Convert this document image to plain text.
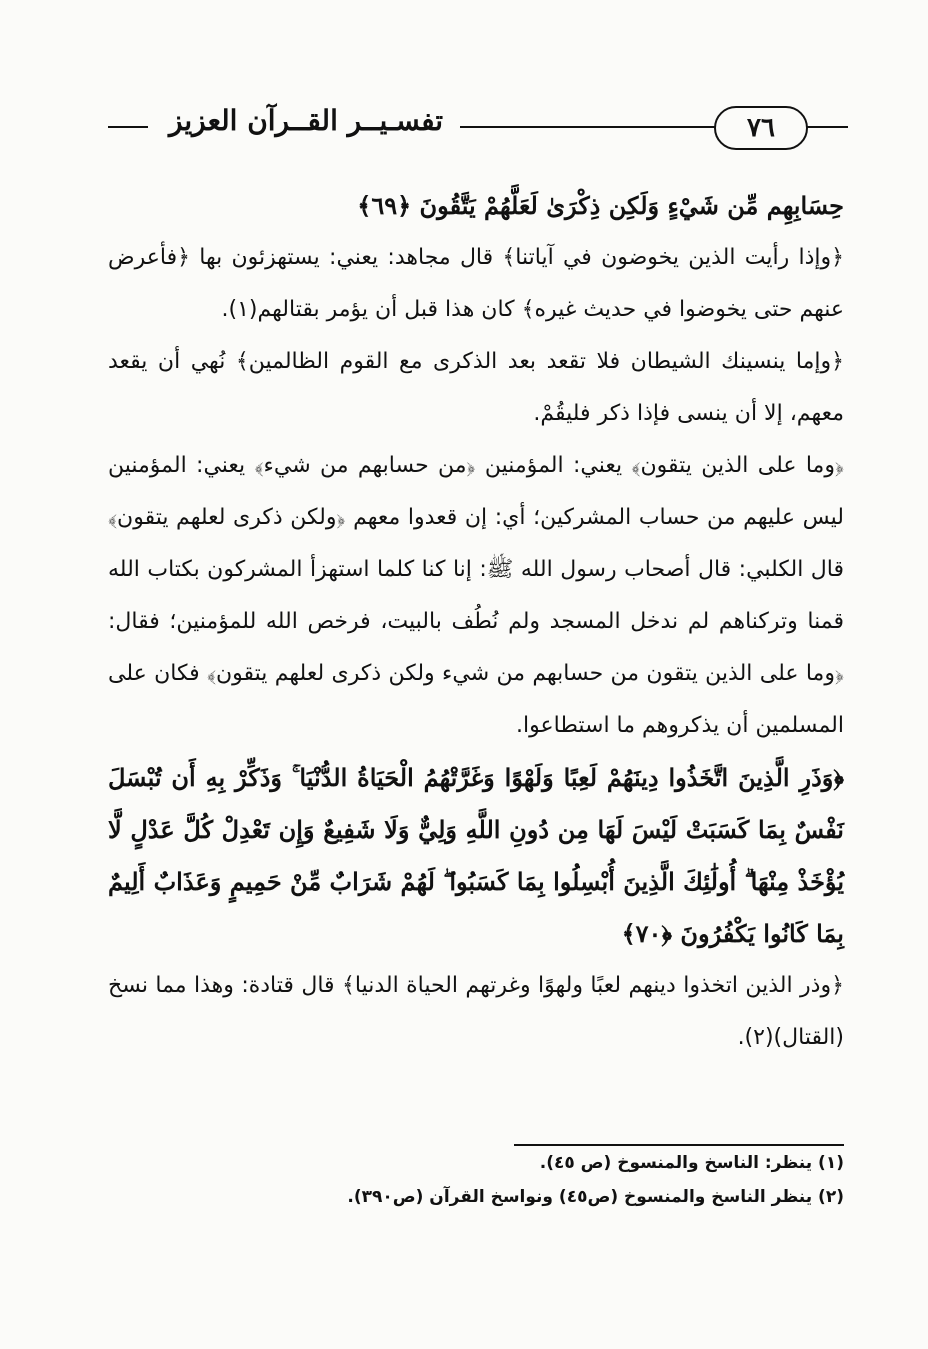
تفسـيــر القــرآن العزيز	٧٦

حِسَابِهِم مِّن شَيْءٍ وَلَكِن ذِكْرَىٰ لَعَلَّهُمْ يَتَّقُونَ ﴿٦٩﴾

﴿وإذا رأيت الذين يخوضون في آياتنا﴾ قال مجاهد: يعني: يستهزئون بها ﴿فأعرض عنهم حتى يخوضوا في حديث غيره﴾ كان هذا قبل أن يؤمر بقتالهم(١).

﴿وإما ينسينك الشيطان فلا تقعد بعد الذكرى مع القوم الظالمين﴾ نُهي أن يقعد معهم، إلا أن ينسى فإذا ذكر فليقُمْ.

﴿وما على الذين يتقون﴾ يعني: المؤمنين ﴿من حسابهم من شيء﴾ يعني: المؤمنين ليس عليهم من حساب المشركين؛ أي: إن قعدوا معهم ﴿ولكن ذكرى لعلهم يتقون﴾ قال الكلبي: قال أصحاب رسول الله ﷺ: إنا كنا كلما استهزأ المشركون بكتاب الله قمنا وتركناهم لم ندخل المسجد ولم نُطُف بالبيت، فرخص الله للمؤمنين؛ فقال: ﴿وما على الذين يتقون من حسابهم من شيء ولكن ذكرى لعلهم يتقون﴾ فكان على المسلمين أن يذكروهم ما استطاعوا.

﴿وَذَرِ الَّذِينَ اتَّخَذُوا دِينَهُمْ لَعِبًا وَلَهْوًا وَغَرَّتْهُمُ الْحَيَاةُ الدُّنْيَا ۚ وَذَكِّرْ بِهِ أَن تُبْسَلَ نَفْسٌ بِمَا كَسَبَتْ لَيْسَ لَهَا مِن دُونِ اللَّهِ وَلِيٌّ وَلَا شَفِيعٌ وَإِن تَعْدِلْ كُلَّ عَدْلٍ لَّا يُؤْخَذْ مِنْهَا ۗ أُولَٰئِكَ الَّذِينَ أُبْسِلُوا بِمَا كَسَبُوا ۖ لَهُمْ شَرَابٌ مِّنْ حَمِيمٍ وَعَذَابٌ أَلِيمٌ بِمَا كَانُوا يَكْفُرُونَ ﴿٧٠﴾

﴿وذر الذين اتخذوا دينهم لعبًا ولهوًا وغرتهم الحياة الدنيا﴾ قال قتادة: وهذا مما نسخ (القتال)(٢).

(١) ينظر: الناسخ والمنسوخ (ص ٤٥).

(٢) ينظر الناسخ والمنسوخ (ص٤٥) ونواسخ القرآن (ص٣٩٠).
